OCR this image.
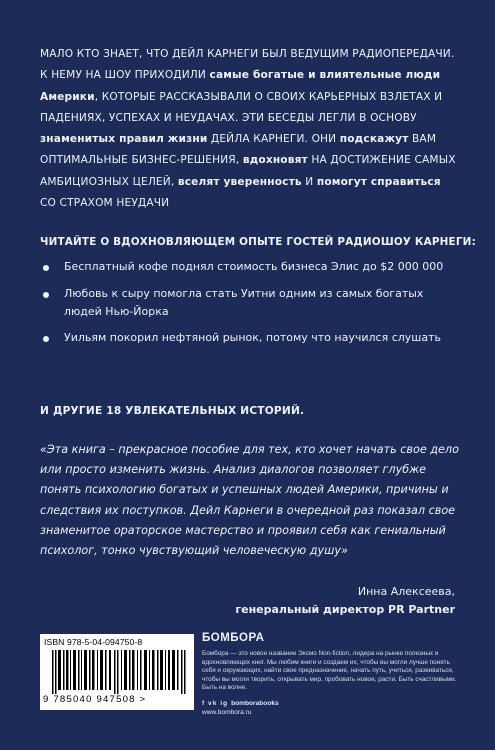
МАЛО КТО ЗНАЕТ, ЧТО ДЕЙЛ КАРНЕГИ БЫЛ ВЕДУЩИМ РАДИОПЕРЕДАЧИ. К НЕМУ НА ШОУ ПРИХОДИЛИ самые богатые и влиятельные люди Америки, КОТОРЫЕ РАССКАЗЫВАЛИ О СВОИХ КАРЬЕРНЫХ ВЗЛЕТАХ И ПАДЕНИЯХ, УСПЕХАХ И НЕУДАЧАХ. ЭТИ БЕСЕДЫ ЛЕГЛИ В ОСНОВУ знаменитых правил жизни ДЕЙЛА КАРНЕГИ. ОНИ подскажут ВАМ ОПТИМАЛЬНЫЕ БИЗНЕС-РЕШЕНИЯ, вдохновят НА ДОСТИЖЕНИЕ САМЫХ АМБИЦИОЗНЫХ ЦЕЛЕЙ, вселят уверенность И помогут справиться СО СТРАХОМ НЕУДАЧИ
ЧИТАЙТЕ О ВДОХНОВЛЯЮЩЕМ ОПЫТЕ ГОСТЕЙ РАДИОШОУ КАРНЕГИ:
Бесплатный кофе поднял стоимость бизнеса Элис до $2 000 000
Любовь к сыру помогла стать Уитни одним из самых богатых людей Нью-Йорка
Уильям покорил нефтяной рынок, потому что научился слушать
И ДРУГИЕ 18 УВЛЕКАТЕЛЬНЫХ ИСТОРИЙ.
«Эта книга – прекрасное пособие для тех, кто хочет начать свое дело или просто изменить жизнь. Анализ диалогов позволяет глубже понять психологию богатых и успешных людей Америки, причины и следствия их поступков. Дейл Карнеги в очередной раз показал свое знаменитое ораторское мастерство и проявил себя как гениальный психолог, тонко чувствующий человеческую душу»
Инна Алексеева,
генеральный директор PR Partner
ISBN 978-5-04-094750-8
9 785040 947508 >
БОМБОРА
Бомбора — это новое название Эксмо Non-fiction, лидера на рынке полезных и вдохновляющих книг. Мы любим книги и создаем их, чтобы вы могли лучше понять себя и окружающих, найти свое предназначение, начать путь, учиться, развиваться, чтобы вы могли творить, открывать мир, пробовать новое, расти. Быть счастливыми. Быть на волне.
f vk ig bomborabooks
www.bombora.ru
